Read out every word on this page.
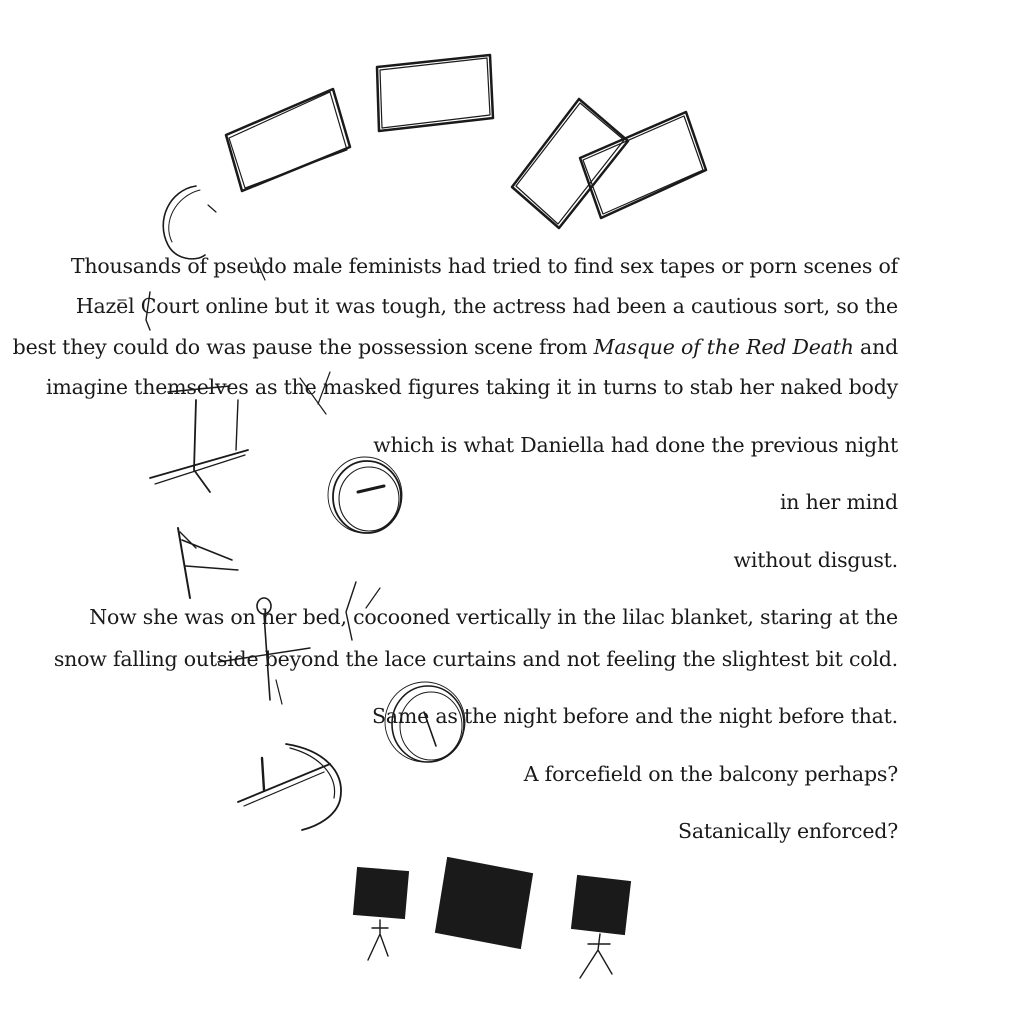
Thousands of pseudo male feminists had tried to find sex tapes or porn scenes of
Hazel Court online but it was tough, the actress had been a cautious sort, so the
best they could do was pause the possession scene from Masque of the Red Death and
imagine themselves as the masked figures taking it in turns to stab her naked body
which is what Daniella had done the previous night
in her mind
without disgust.
Now she was on her bed, cocooned vertically in the lilac blanket, staring at the
snow falling outside beyond the lace curtains and not feeling the slightest bit cold.
Same as the night before and the night before that.
A forcefield on the balcony perhaps?
Satanically enforced?
